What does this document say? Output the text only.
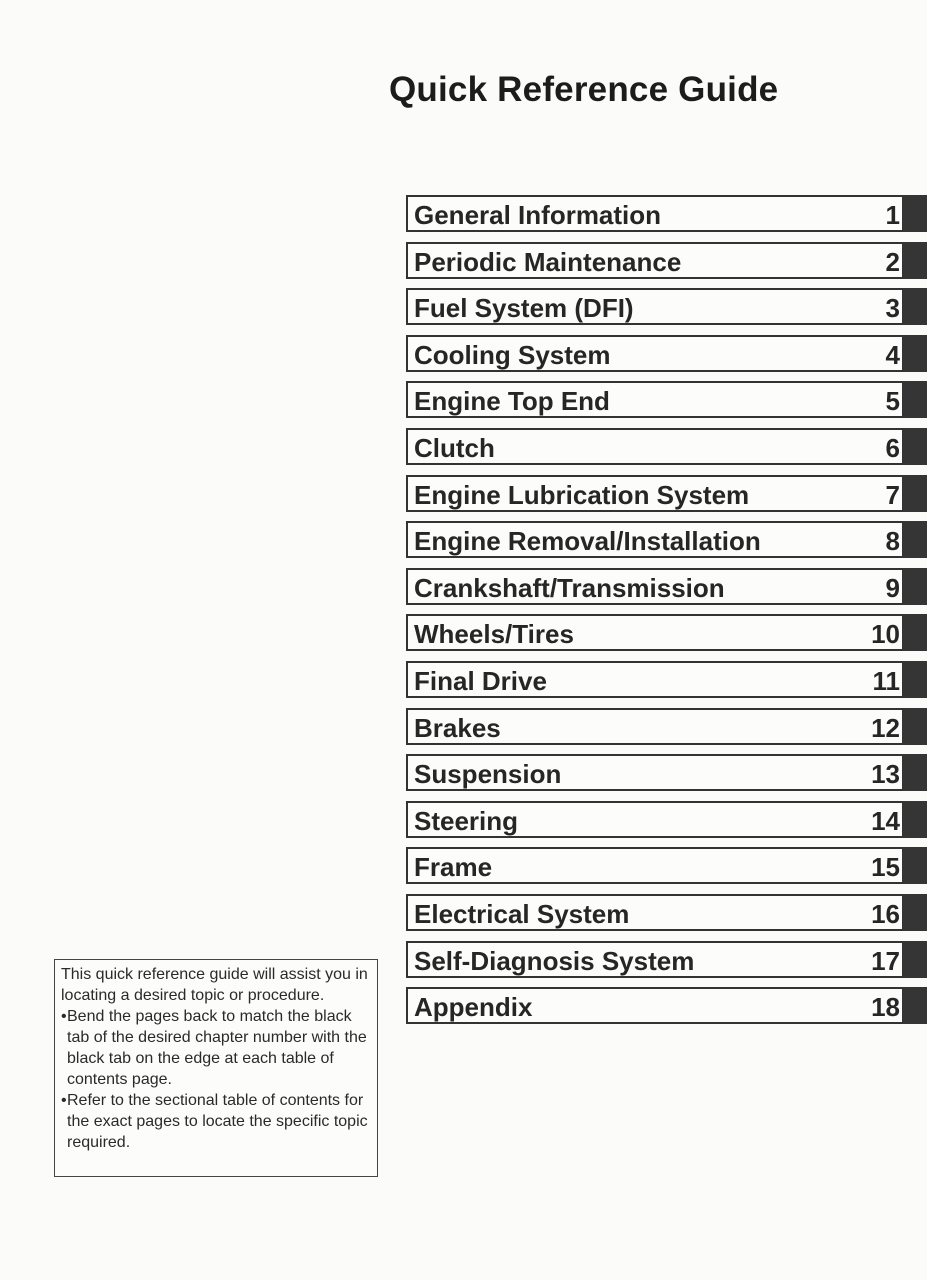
Quick Reference Guide
General Information	1
Periodic Maintenance	2
Fuel System (DFI)	3
Cooling System	4
Engine Top End	5
Clutch	6
Engine Lubrication System	7
Engine Removal/Installation	8
Crankshaft/Transmission	9
Wheels/Tires	10
Final Drive	11
Brakes	12
Suspension	13
Steering	14
Frame	15
Electrical System	16
Self-Diagnosis System	17
Appendix	18

This quick reference guide will assist you in locating a desired topic or procedure.

• Bend the pages back to match the black tab of the desired chapter number with the black tab on the edge at each table of contents page.
• Refer to the sectional table of contents for the exact pages to locate the specific topic required.
